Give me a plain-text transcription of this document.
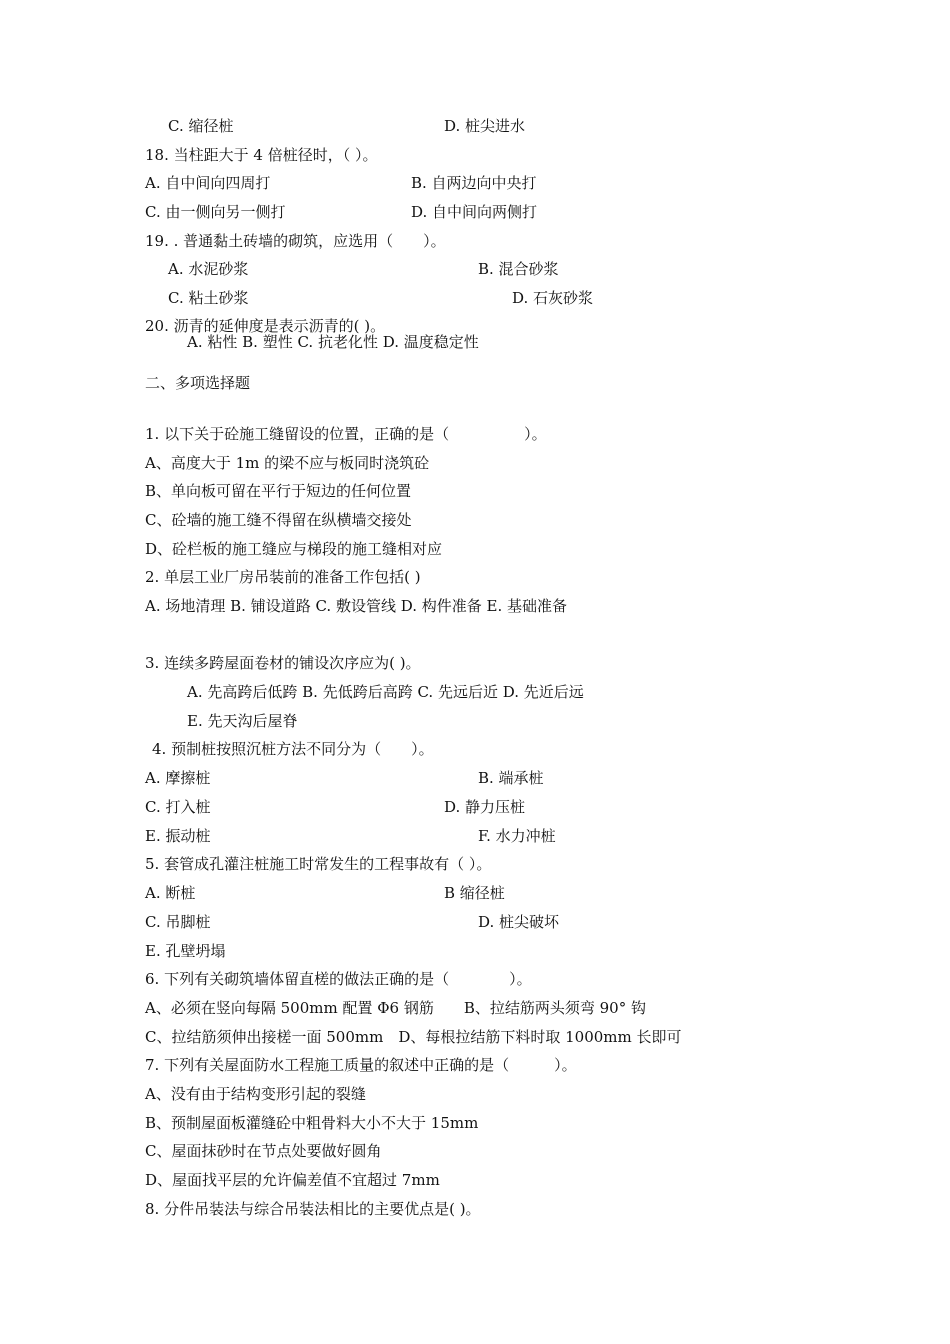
C. 缩径桩	D. 桩尖进水
18. 当柱距大于 4 倍桩径时，（ ）。
A. 自中间向四周打	B. 自两边向中央打
C. 由一侧向另一侧打	D. 自中间向两侧打
19. . 普通黏土砖墙的砌筑，应选用（　　）。
A. 水泥砂浆	B. 混合砂浆
C. 粘土砂浆	D. 石灰砂浆
20. 沥青的延伸度是表示沥青的( )。
A. 粘性 B. 塑性 C. 抗老化性 D. 温度稳定性
二、多项选择题
1. 以下关于砼施工缝留设的位置，正确的是（　　　　　）。
A、高度大于 1m 的梁不应与板同时浇筑砼
B、单向板可留在平行于短边的任何位置
C、砼墙的施工缝不得留在纵横墙交接处
D、砼栏板的施工缝应与梯段的施工缝相对应
2. 单层工业厂房吊装前的准备工作包括( )
A. 场地清理 B. 铺设道路 C. 敷设管线 D. 构件准备 E. 基础准备
3. 连续多跨屋面卷材的铺设次序应为( )。
A. 先高跨后低跨 B. 先低跨后高跨 C. 先远后近 D. 先近后远
E. 先天沟后屋脊
4. 预制桩按照沉桩方法不同分为（　　）。
A. 摩擦桩	B. 端承桩
C. 打入桩	D. 静力压桩
E. 振动桩	F. 水力冲桩
5. 套管成孔灌注桩施工时常发生的工程事故有（ ）。
A. 断桩	B 缩径桩
C. 吊脚桩	D. 桩尖破坏
E. 孔壁坍塌
6. 下列有关砌筑墙体留直槎的做法正确的是（　　　　）。
A、必须在竖向每隔 500mm 配置 Φ6 钢筋　　B、拉结筋两头须弯 90° 钩
C、拉结筋须伸出接槎一面 500mm　D、每根拉结筋下料时取 1000mm 长即可
7. 下列有关屋面防水工程施工质量的叙述中正确的是（　　　）。
A、没有由于结构变形引起的裂缝
B、预制屋面板灌缝砼中粗骨料大小不大于 15mm
C、屋面抹砂时在节点处要做好圆角
D、屋面找平层的允许偏差值不宜超过 7mm
8. 分件吊装法与综合吊装法相比的主要优点是( )。
